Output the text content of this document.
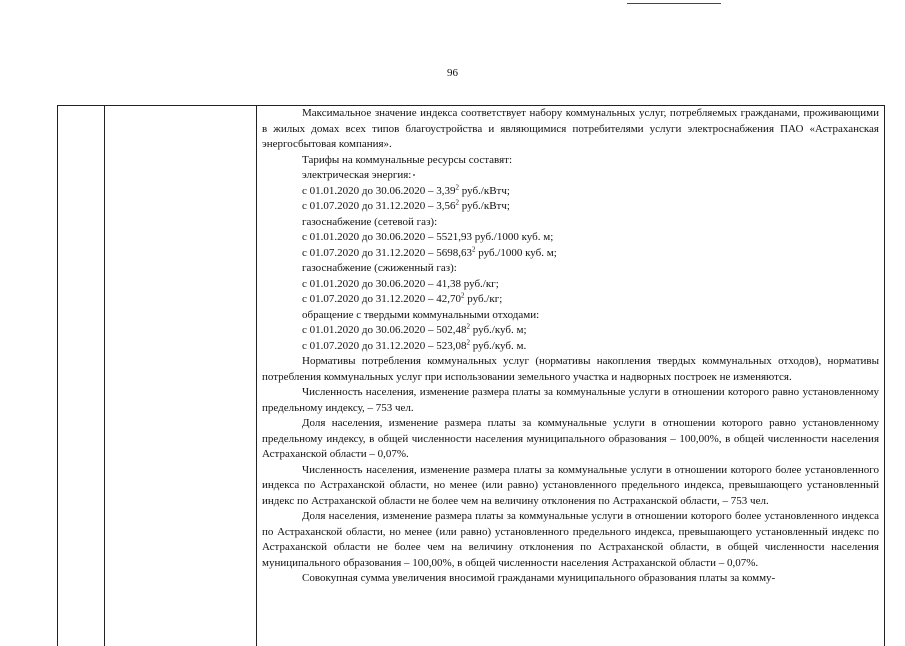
96

Максимальное значение индекса соответствует набору коммунальных услуг, потребляемых гражданами, проживающими в жилых домах всех типов благоустройства и являющимися потребителями услуги электроснабжения ПАО «Астраханская энергосбытовая компания».

Тарифы на коммунальные ресурсы составят:

электрическая энергия:

с 01.01.2020 до 30.06.2020 – 3,39$^2$ руб./кВтч;

с 01.07.2020 до 31.12.2020 – 3,56$^2$ руб./кВтч;

газоснабжение (сетевой газ):

с 01.01.2020 до 30.06.2020 – 5521,93 руб./1000 куб. м;

с 01.07.2020 до 31.12.2020 – 5698,63$^2$ руб./1000 куб. м;

газоснабжение (сжиженный газ):

с 01.01.2020 до 30.06.2020 – 41,38 руб./кг;

с 01.07.2020 до 31.12.2020 – 42,70$^2$ руб./кг;

обращение с твердыми коммунальными отходами:

с 01.01.2020 до 30.06.2020 – 502,48$^2$ руб./куб. м;

с 01.07.2020 до 31.12.2020 – 523,08$^2$ руб./куб. м.

Нормативы потребления коммунальных услуг (нормативы накопления твердых коммунальных отходов), нормативы потребления коммунальных услуг при использовании земельного участка и надворных построек не изменяются.

Численность населения, изменение размера платы за коммунальные услуги в отношении которого равно установленному предельному индексу, – 753 чел.

Доля населения, изменение размера платы за коммунальные услуги в отношении которого равно установленному предельному индексу, в общей численности населения муниципального образования – 100,00%, в общей численности населения Астраханской области – 0,07%.

Численность населения, изменение размера платы за коммунальные услуги в отношении которого более установленного индекса по Астраханской области, но менее (или равно) установленного предельного индекса, превышающего установленный индекс по Астраханской области не более чем на величину отклонения по Астраханской области, – 753 чел.

Доля населения, изменение размера платы за коммунальные услуги в отношении которого более установленного индекса по Астраханской области, но менее (или равно) установленного предельного индекса, превышающего установленный индекс по Астраханской области не более чем на величину отклонения по Астраханской области, в общей численности населения муниципального образования – 100,00%, в общей численности населения Астраханской области – 0,07%.

Совокупная сумма увеличения вносимой гражданами муниципального образования платы за комму-
